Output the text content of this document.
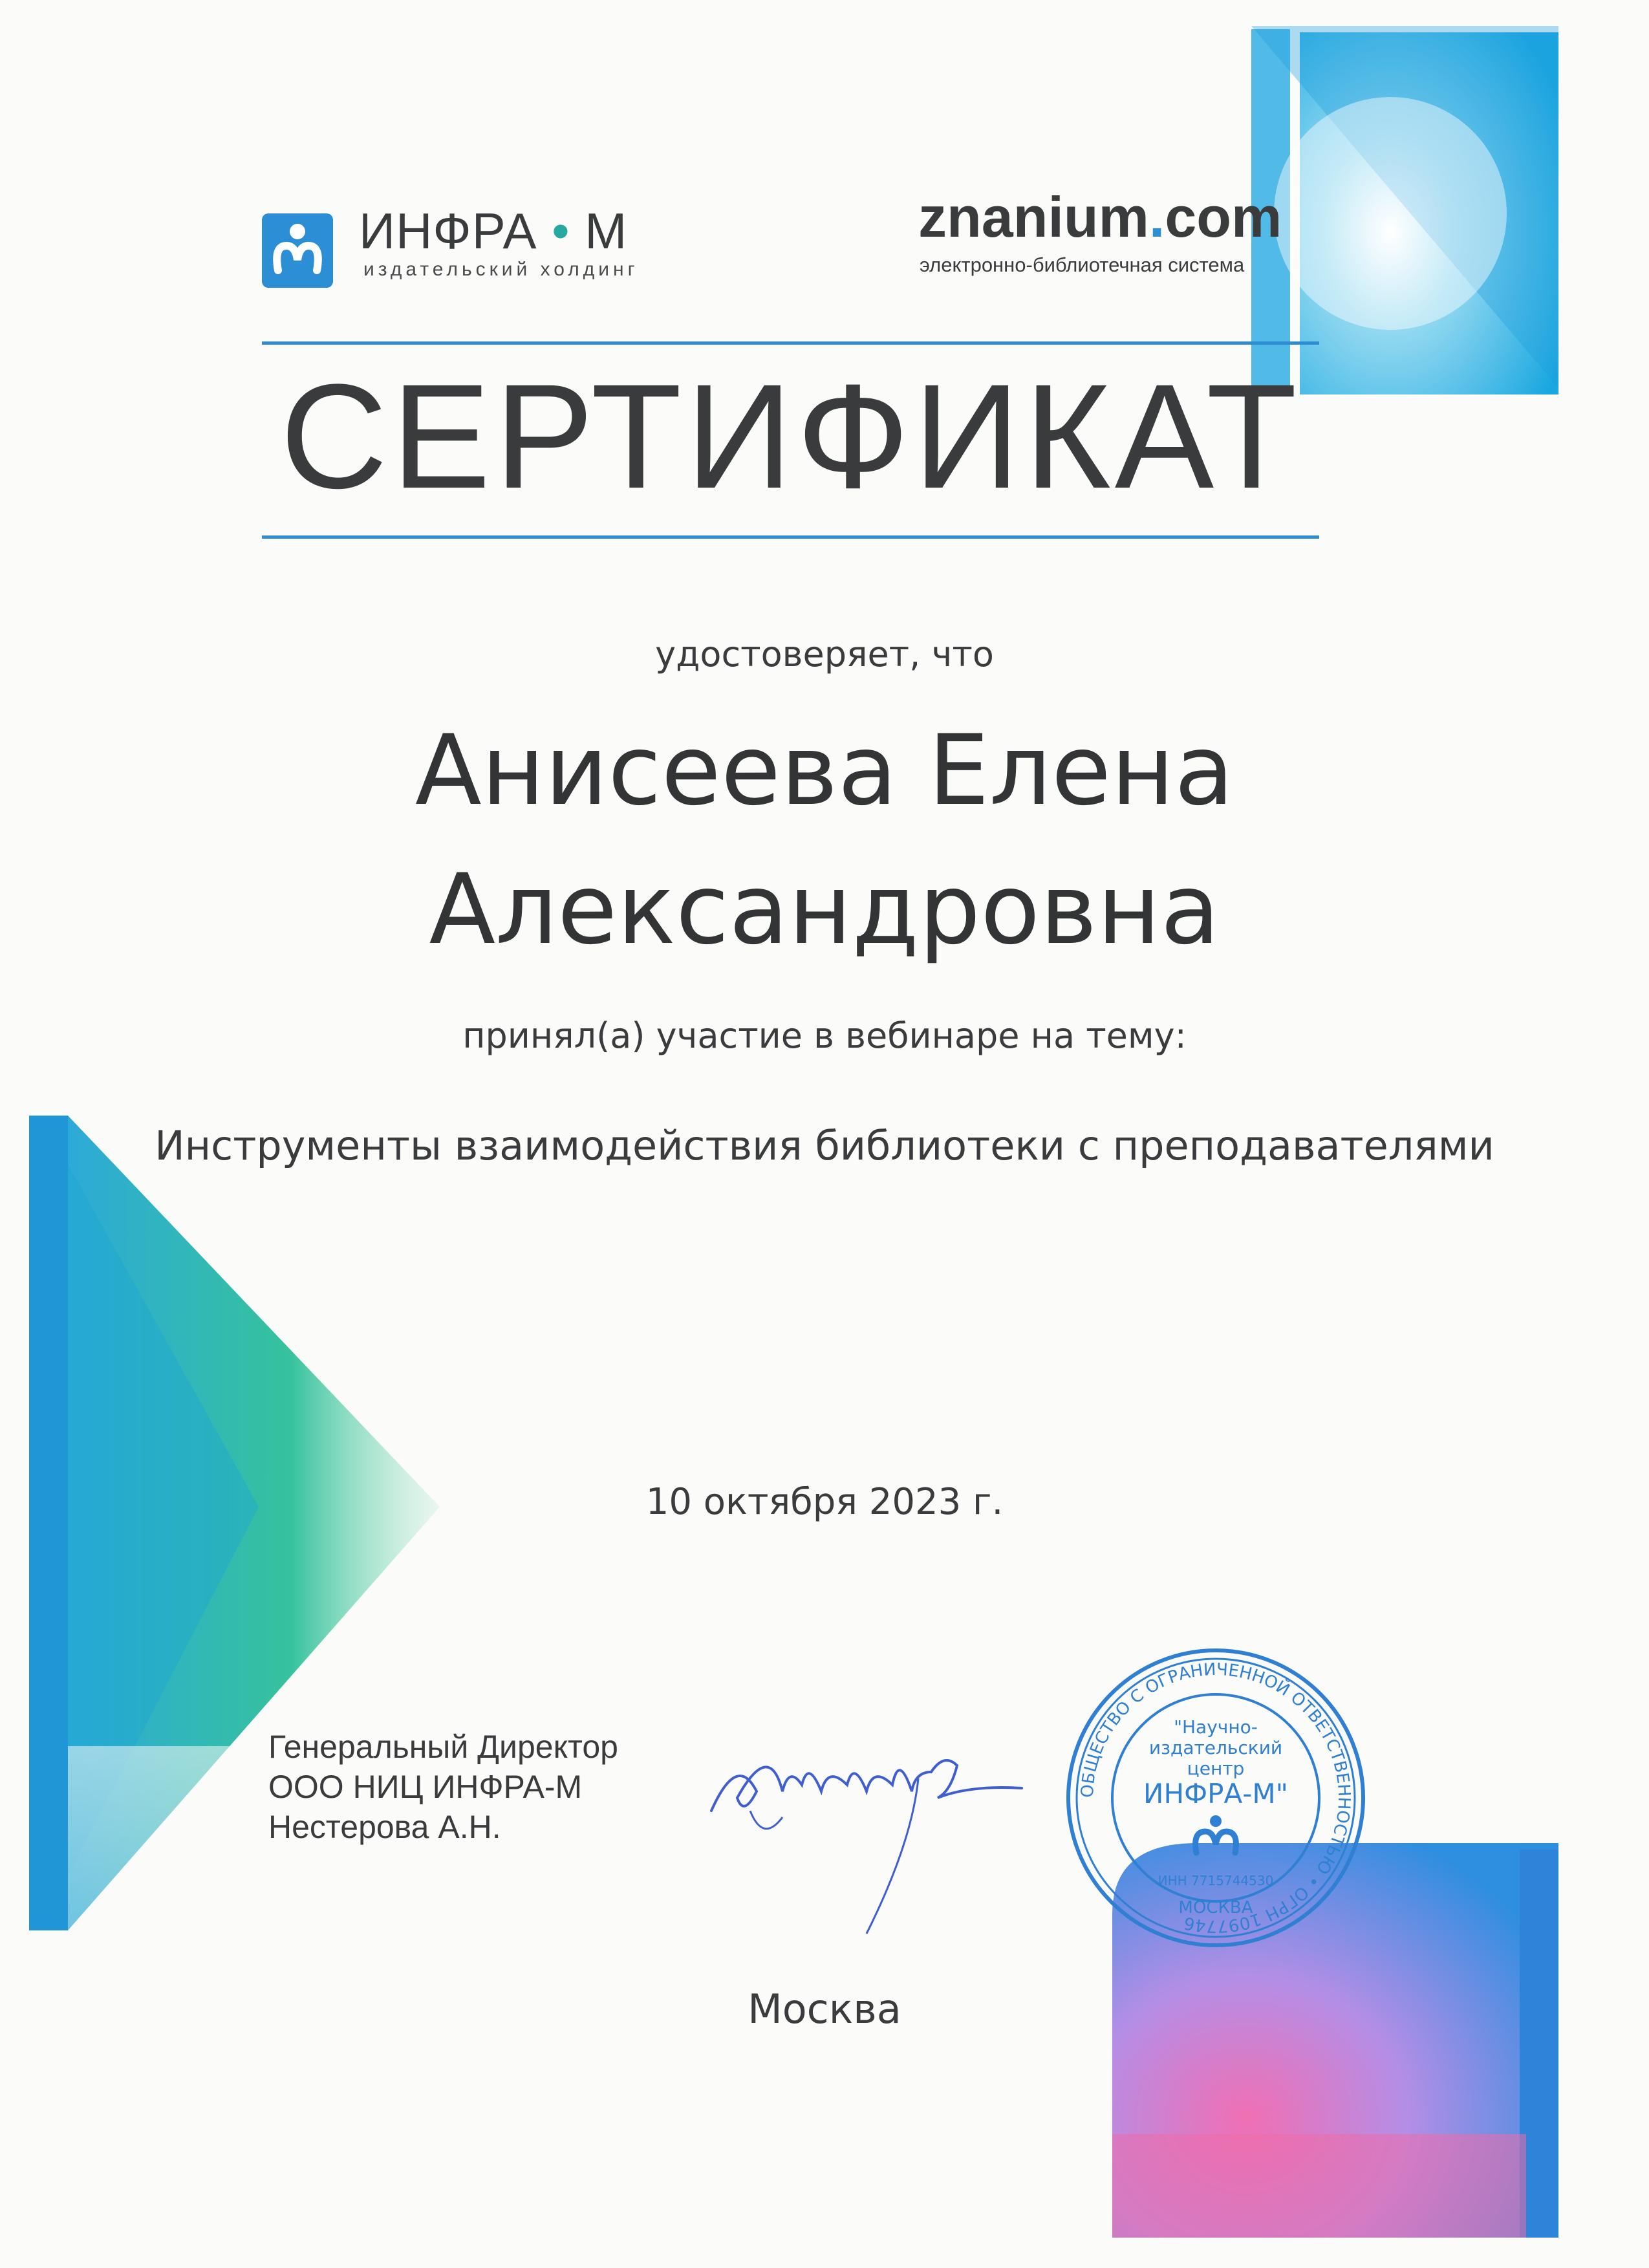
ИНФРА • М
издательский холдинг
znanium.com
электронно-библиотечная система
СЕРТИФИКАТ
удостоверяет, что
Анисеева Елена
Александровна
принял(а) участие в вебинаре на тему:
Инструменты взаимодействия библиотеки с преподавателями
10 октября 2023 г.
Генеральный Директор
ООО НИЦ ИНФРА-М
Нестерова А.Н.
ОБЩЕСТВО С ОГРАНИЧЕННОЙ ОТВЕТСТВЕННОСТЬЮ • ОГРН 1097746
"Научно-
издательский
центр
ИНФРА-М"
ИНН 7715744530
МОСКВА
Москва
